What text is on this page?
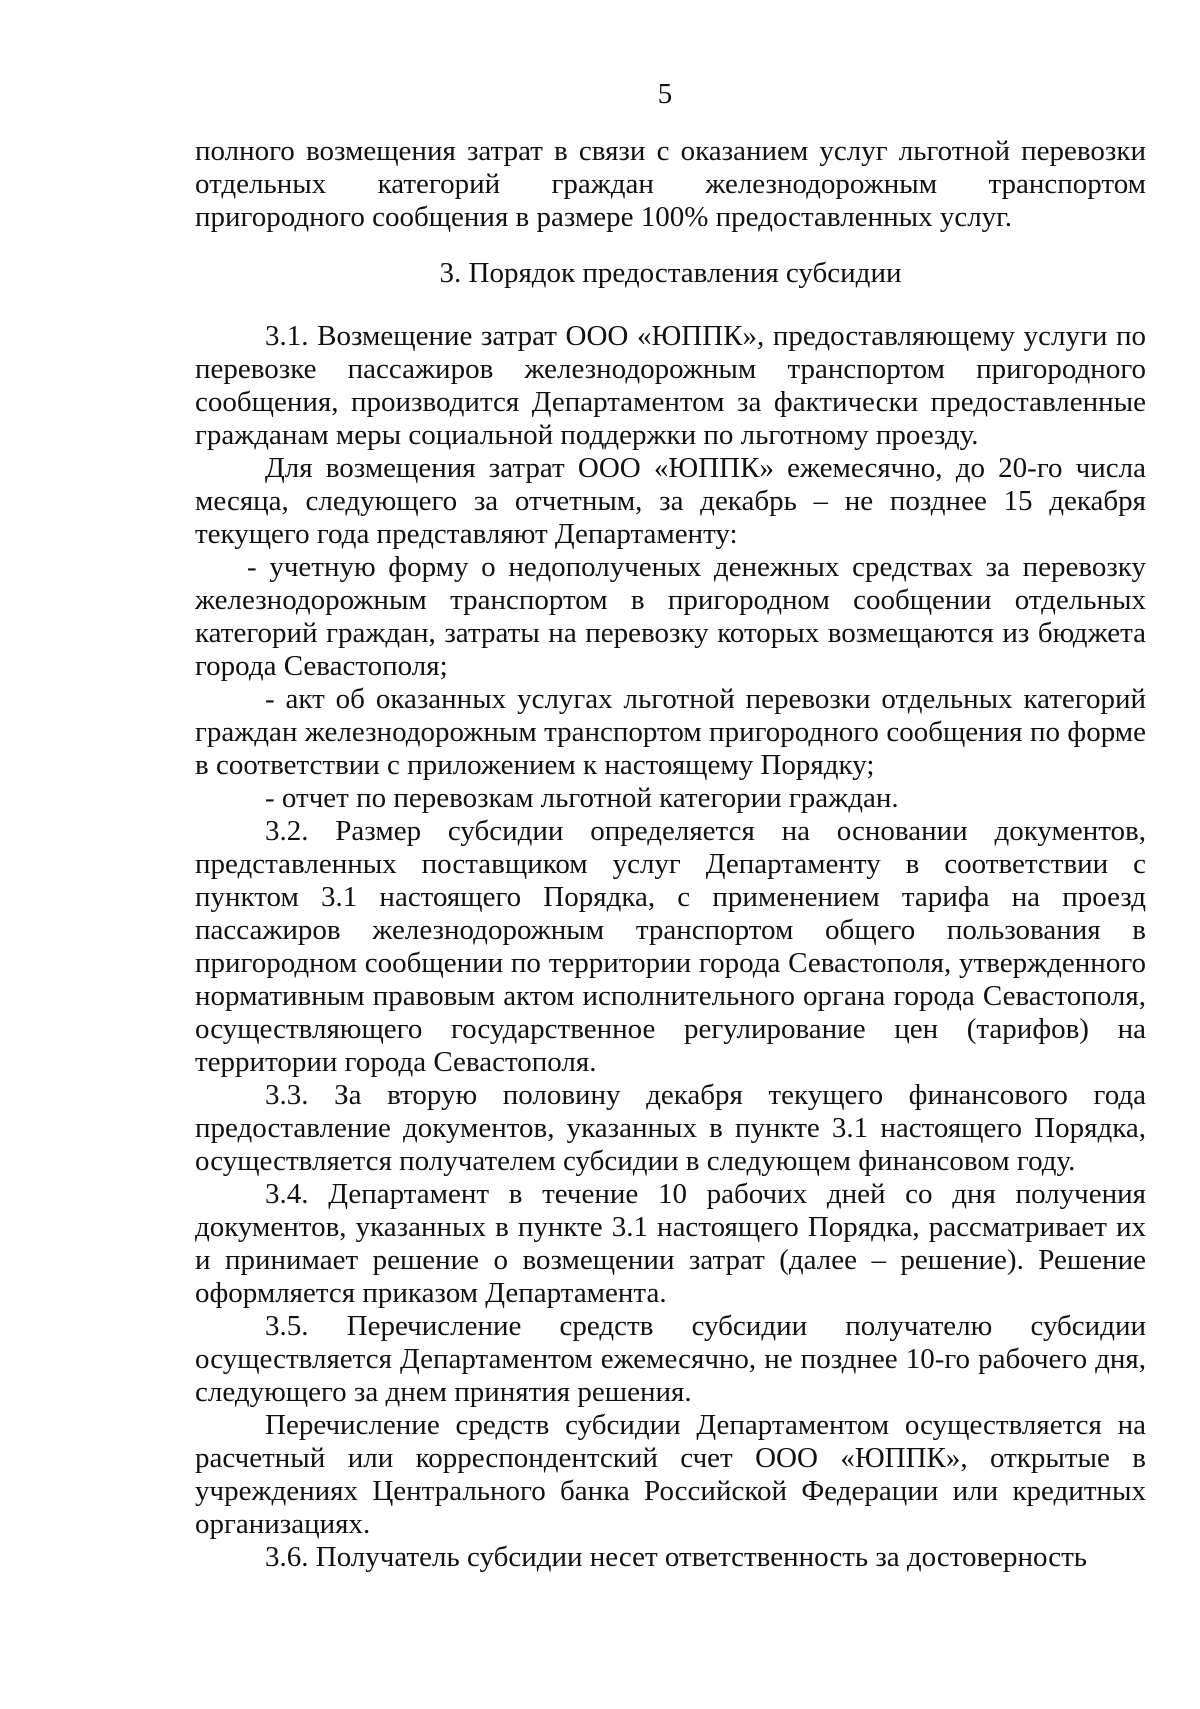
5

полного возмещения затрат в связи с оказанием услуг льготной перевозки отдельных категорий граждан железнодорожным транспортом пригородного сообщения в размере 100% предоставленных услуг.

3. Порядок предоставления субсидии

3.1. Возмещение затрат ООО «ЮППК», предоставляющему услуги по перевозке пассажиров железнодорожным транспортом пригородного сообщения, производится Департаментом за фактически предоставленные гражданам меры социальной поддержки по льготному проезду.

Для возмещения затрат ООО «ЮППК» ежемесячно, до 20-го числа месяца, следующего за отчетным, за декабрь – не позднее 15 декабря текущего года представляют Департаменту:

- учетную форму о недополученых денежных средствах за перевозку железнодорожным транспортом в пригородном сообщении отдельных категорий граждан, затраты на перевозку которых возмещаются из бюджета города Севастополя;

- акт об оказанных услугах льготной перевозки отдельных категорий граждан железнодорожным транспортом пригородного сообщения по форме в соответствии с приложением к настоящему Порядку;

- отчет по перевозкам льготной категории граждан.

3.2. Размер субсидии определяется на основании документов, представленных поставщиком услуг Департаменту в соответствии с пунктом 3.1 настоящего Порядка, с применением тарифа на проезд пассажиров железнодорожным транспортом общего пользования в пригородном сообщении по территории города Севастополя, утвержденного нормативным правовым актом исполнительного органа города Севастополя, осуществляющего государственное регулирование цен (тарифов) на территории города Севастополя.

3.3. За вторую половину декабря текущего финансового года предоставление документов, указанных в пункте 3.1 настоящего Порядка, осуществляется получателем субсидии в следующем финансовом году.

3.4. Департамент в течение 10 рабочих дней со дня получения документов, указанных в пункте 3.1 настоящего Порядка, рассматривает их и принимает решение о возмещении затрат (далее – решение). Решение оформляется приказом Департамента.

3.5. Перечисление средств субсидии получателю субсидии осуществляется Департаментом ежемесячно, не позднее 10-го рабочего дня, следующего за днем принятия решения.

Перечисление средств субсидии Департаментом осуществляется на расчетный или корреспондентский счет ООО «ЮППК», открытые в учреждениях Центрального банка Российской Федерации или кредитных организациях.

3.6. Получатель субсидии несет ответственность за достоверность
